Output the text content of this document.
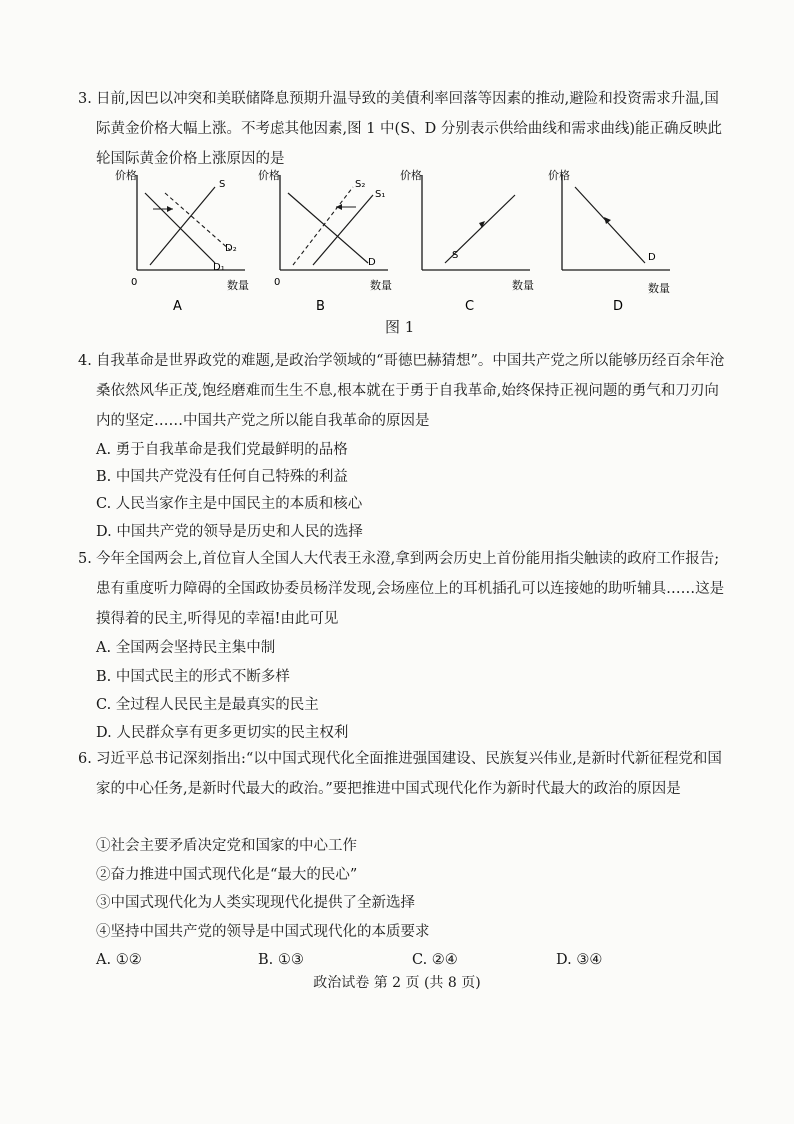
3. 日前,因巴以冲突和美联储降息预期升温导致的美債利率回落等因素的推动,避险和投资需求升温,国际黄金价格大幅上涨。不考虑其他因素,图 1 中(S、D 分别表示供给曲线和需求曲线)能正确反映此轮国际黄金价格上涨原因的是
价格
0	数量
S
D₁
D₂
A
价格
0	数量
S₂
S₁
D
B
价格
数量
S
C
价格
数量
D
D
图 1
4. 自我革命是世界政党的难题,是政治学领域的“哥德巴赫猜想”。中国共产党之所以能够历经百余年沧桑依然风华正茂,饱经磨难而生生不息,根本就在于勇于自我革命,始终保持正视问题的勇气和刀刃向内的坚定……中国共产党之所以能自我革命的原因是
A. 勇于自我革命是我们党最鲜明的品格
B. 中国共产党没有任何自己特殊的利益
C. 人民当家作主是中国民主的本质和核心
D. 中国共产党的领导是历史和人民的选择
5. 今年全国两会上,首位盲人全国人大代表王永澄,拿到两会历史上首份能用指尖触读的政府工作报告;患有重度听力障碍的全国政协委员杨洋发现,会场座位上的耳机插孔可以连接她的助听辅具……这是摸得着的民主,听得见的幸福!由此可见
A. 全国两会坚持民主集中制
B. 中国式民主的形式不断多样
C. 全过程人民民主是最真实的民主
D. 人民群众享有更多更切实的民主权利
6. 习近平总书记深刻指出:“以中国式现代化全面推进强国建设、民族复兴伟业,是新时代新征程党和国家的中心任务,是新时代最大的政治。”要把推进中国式现代化作为新时代最大的政治的原因是
①社会主要矛盾决定党和国家的中心工作
②奋力推进中国式现代化是“最大的民心”
③中国式现代化为人类实现现代化提供了全新选择
④坚持中国共产党的领导是中国式现代化的本质要求
A. ①②	B. ①③	C. ②④	D. ③④
政治试卷 第 2 页 (共 8 页)
